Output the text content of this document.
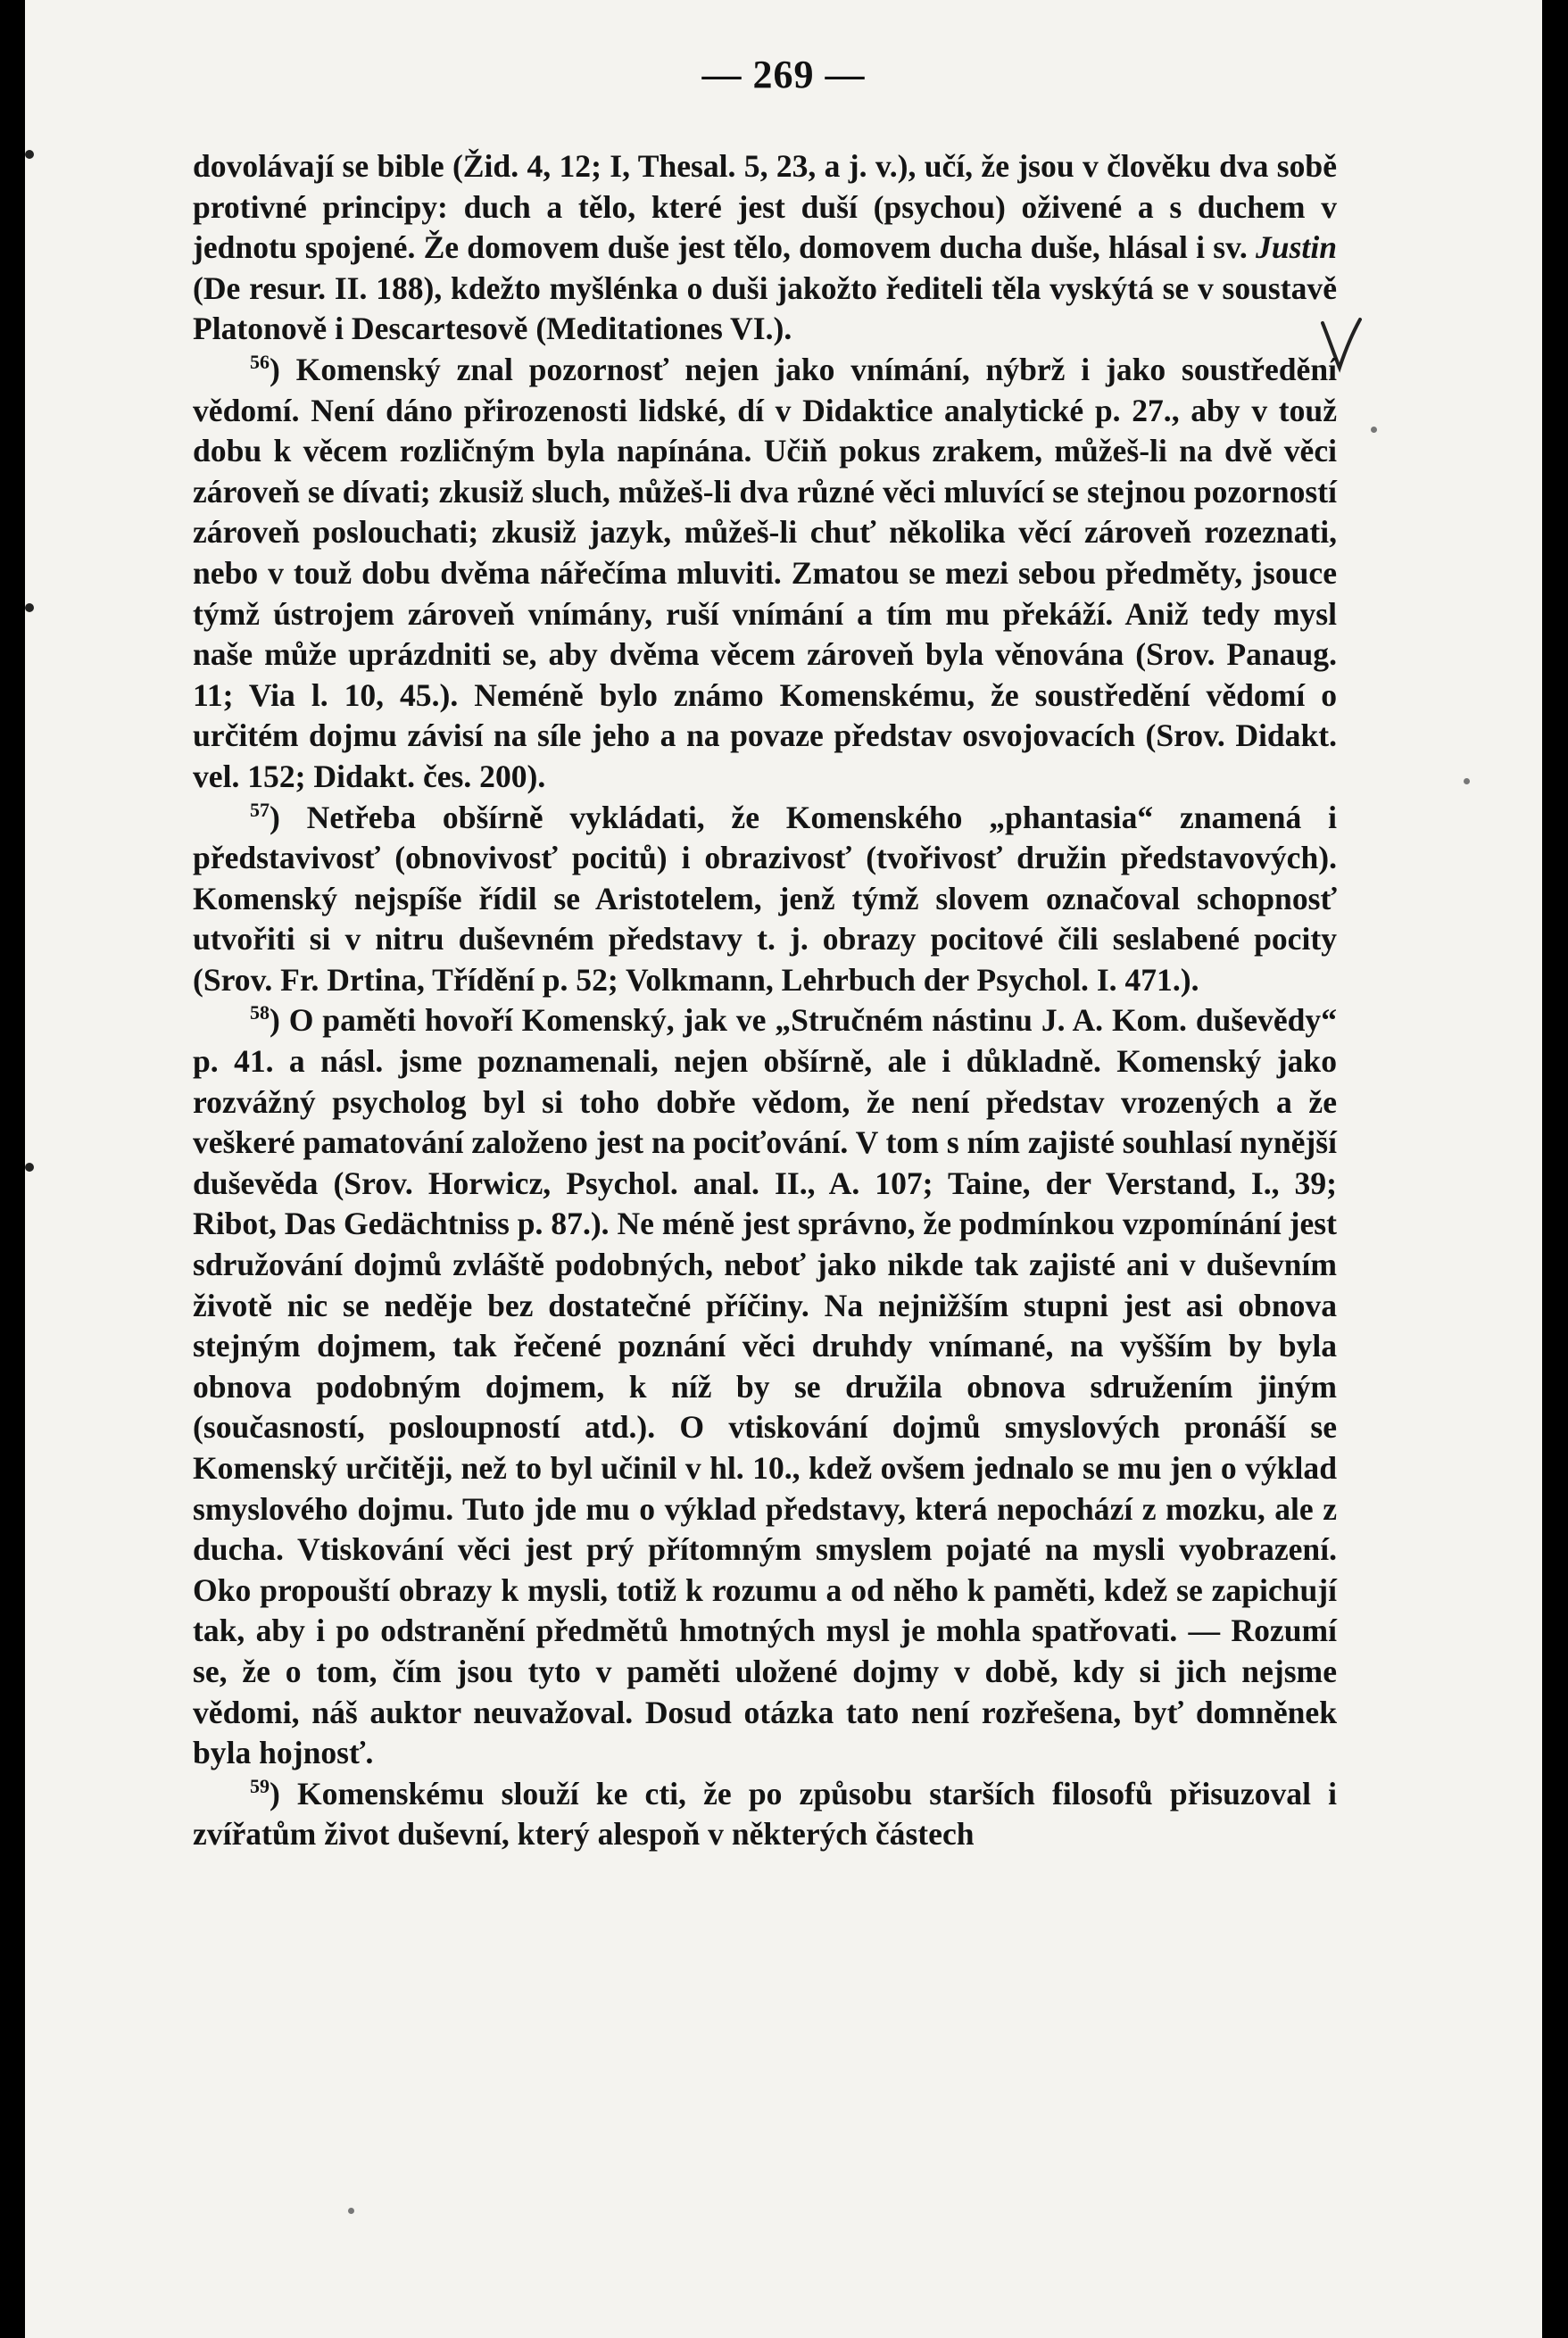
— 269 —

dovolávají se bible (Žid. 4, 12; I, Thesal. 5, 23, a j. v.), učí, že jsou v člověku dva sobě protivné principy: duch a tělo, které jest duší (psychou) oživené a s duchem v jednotu spojené. Že domovem duše jest tělo, domovem ducha duše, hlásal i sv. Justin (De resur. II. 188), kdežto myšlénka o duši jakožto řediteli těla vyskýtá se v soustavě Platonově i Descartesově (Meditationes VI.).

$^{56}$) Komenský znal pozornosť nejen jako vnímání, nýbrž i jako soustředění vědomí. Není dáno přirozenosti lidské, dí v Didaktice analytické p. 27., aby v touž dobu k věcem rozličným byla napínána. Učiň pokus zrakem, můžeš-li na dvě věci zároveň se dívati; zkusiž sluch, můžeš-li dva různé věci mluvící se stejnou pozorností zároveň poslouchati; zkusiž jazyk, můžeš-li chuť několika věcí zároveň rozeznati, nebo v touž dobu dvěma nářečíma mluviti. Zmatou se mezi sebou předměty, jsouce týmž ústrojem zároveň vnímány, ruší vnímání a tím mu překáží. Aniž tedy mysl naše může uprázdniti se, aby dvěma věcem zároveň byla věnována (Srov. Panaug. 11; Via l. 10, 45.). Neméně bylo známo Komenskému, že soustředění vědomí o určitém dojmu závisí na síle jeho a na povaze představ osvojovacích (Srov. Didakt. vel. 152; Didakt. čes. 200).

$^{57}$) Netřeba obšírně vykládati, že Komenského „phantasia“ znamená i představivosť (obnovivosť pocitů) i obrazivosť (tvořivosť družin představových). Komenský nejspíše řídil se Aristotelem, jenž týmž slovem označoval schopnosť utvořiti si v nitru duševném představy t. j. obrazy pocitové čili seslabené pocity (Srov. Fr. Drtina, Třídění p. 52; Volkmann, Lehrbuch der Psychol. I. 471.).

$^{58}$) O paměti hovoří Komenský, jak ve „Stručném nástinu J. A. Kom. duševědy“ p. 41. a násl. jsme poznamenali, nejen obšírně, ale i důkladně. Komenský jako rozvážný psycholog byl si toho dobře vědom, že není představ vrozených a že veškeré pamatování založeno jest na pociťování. V tom s ním zajisté souhlasí nynější duševěda (Srov. Horwicz, Psychol. anal. II., A. 107; Taine, der Verstand, I., 39; Ribot, Das Gedächtniss p. 87.). Ne méně jest správno, že podmínkou vzpomínání jest sdružování dojmů zvláště podobných, neboť jako nikde tak zajisté ani v duševním životě nic se neděje bez dostatečné příčiny. Na nejnižším stupni jest asi obnova stejným dojmem, tak řečené poznání věci druhdy vnímané, na vyšším by byla obnova podobným dojmem, k níž by se družila obnova sdružením jiným (současností, posloupností atd.). O vtiskování dojmů smyslových pronáší se Komenský určitěji, než to byl učinil v hl. 10., kdež ovšem jednalo se mu jen o výklad smyslového dojmu. Tuto jde mu o výklad představy, která nepochází z mozku, ale z ducha. Vtiskování věci jest prý přítomným smyslem pojaté na mysli vyobrazení. Oko propouští obrazy k mysli, totiž k rozumu a od něho k paměti, kdež se zapichují tak, aby i po odstranění předmětů hmotných mysl je mohla spatřovati. — Rozumí se, že o tom, čím jsou tyto v paměti uložené dojmy v době, kdy si jich nejsme vědomi, náš auktor neuvažoval. Dosud otázka tato není rozřešena, byť domněnek byla hojnosť.

$^{59}$) Komenskému slouží ke cti, že po způsobu starších filosofů přisuzoval i zvířatům život duševní, který alespoň v některých částech
